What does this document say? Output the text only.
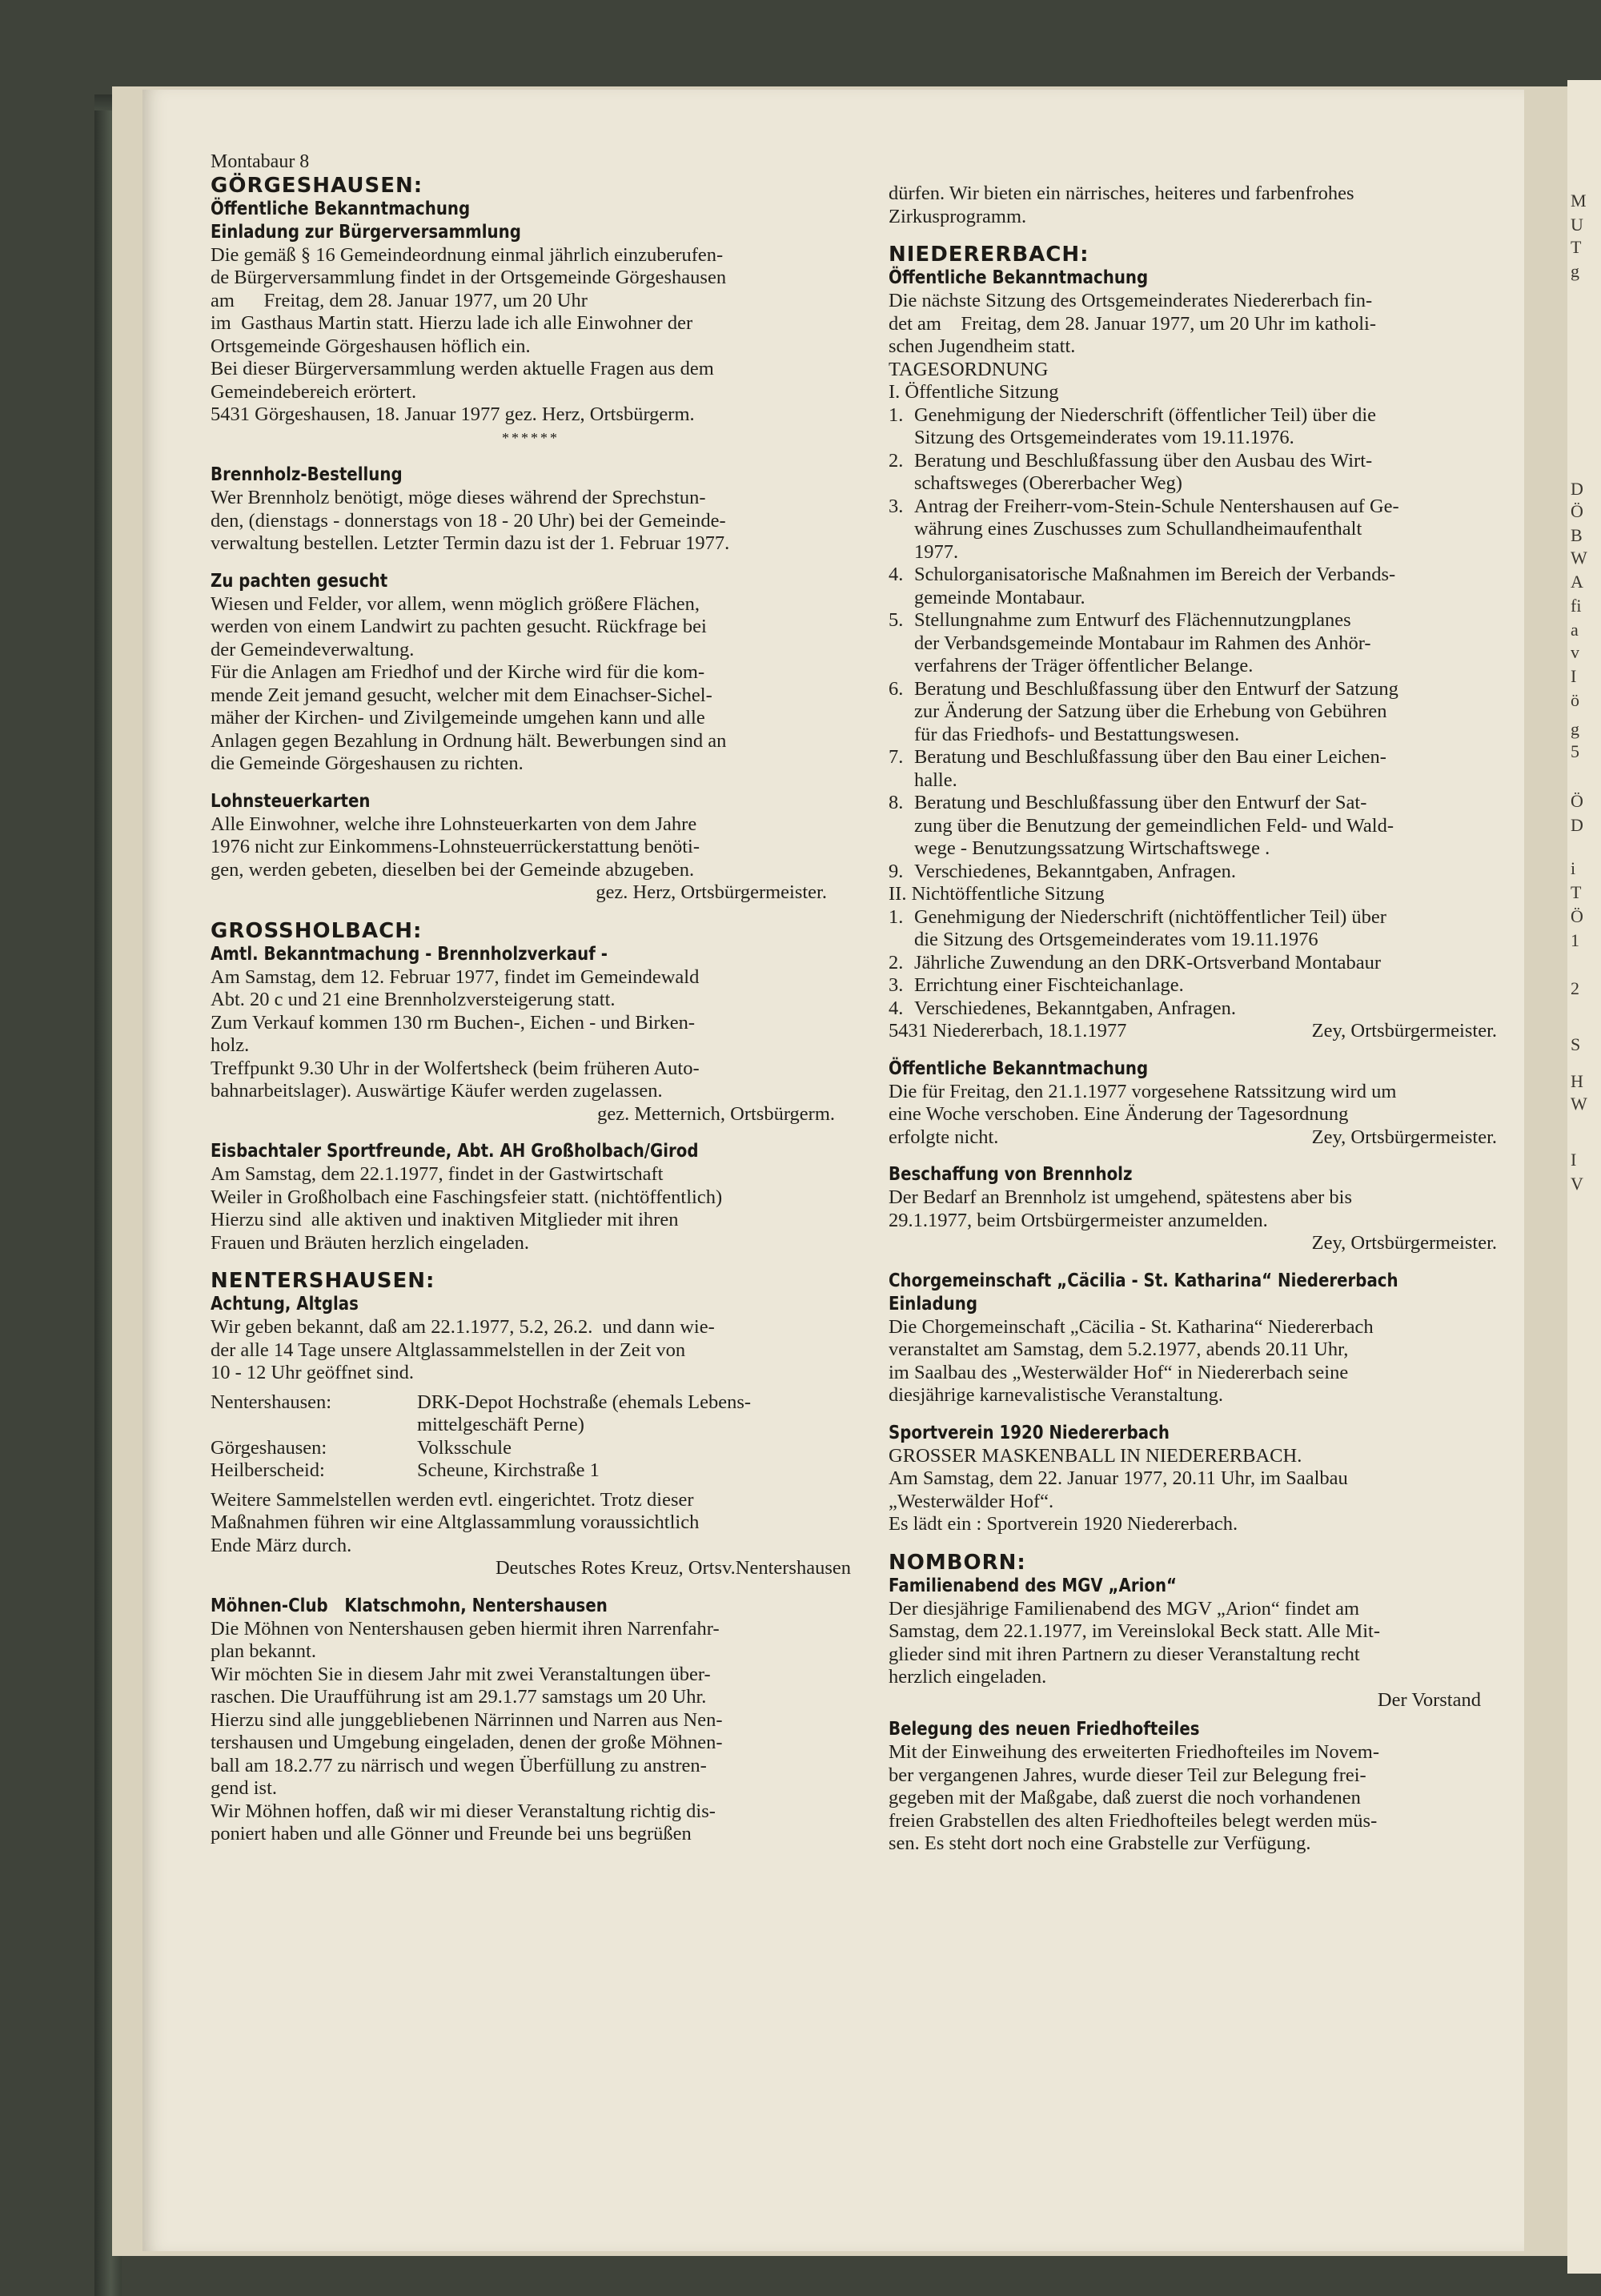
M
U
T
g
D
Ö
B
W
A
fi
a
v
I
ö
g
5
Ö
D
i
T
Ö
1
2
S
H
W
I
V
Montabaur 8
GÖRGESHAUSEN:
Öffentliche Bekanntmachung
Einladung zur Bürgerversammlung
Die gemäß § 16 Gemeindeordnung einmal jährlich einzuberufen-
de Bürgerversammlung findet in der Ortsgemeinde Görgeshausen
am      Freitag, dem 28. Januar 1977, um 20 Uhr
im  Gasthaus Martin statt. Hierzu lade ich alle Einwohner der
Ortsgemeinde Görgeshausen höflich ein.
Bei dieser Bürgerversammlung werden aktuelle Fragen aus dem
Gemeindebereich erörtert.
5431 Görgeshausen, 18. Januar 1977 gez. Herz, Ortsbürgerm.
******
Brennholz-Bestellung
Wer Brennholz benötigt, möge dieses während der Sprechstun-
den, (dienstags - donnerstags von 18 - 20 Uhr) bei der Gemeinde-
verwaltung bestellen. Letzter Termin dazu ist der 1. Februar 1977.
Zu pachten gesucht
Wiesen und Felder, vor allem, wenn möglich größere Flächen,
werden von einem Landwirt zu pachten gesucht. Rückfrage bei
der Gemeindeverwaltung.
Für die Anlagen am Friedhof und der Kirche wird für die kom-
mende Zeit jemand gesucht, welcher mit dem Einachser-Sichel-
mäher der Kirchen- und Zivilgemeinde umgehen kann und alle
Anlagen gegen Bezahlung in Ordnung hält. Bewerbungen sind an
die Gemeinde Görgeshausen zu richten.
Lohnsteuerkarten
Alle Einwohner, welche ihre Lohnsteuerkarten von dem Jahre
1976 nicht zur Einkommens-Lohnsteuerrückerstattung benöti-
gen, werden gebeten, dieselben bei der Gemeinde abzugeben.
gez. Herz, Ortsbürgermeister.
GROSSHOLBACH:
Amtl. Bekanntmachung - Brennholzverkauf -
Am Samstag, dem 12. Februar 1977, findet im Gemeindewald
Abt. 20 c und 21 eine Brennholzversteigerung statt.
Zum Verkauf kommen 130 rm Buchen-, Eichen - und Birken-
holz.
Treffpunkt 9.30 Uhr in der Wolfertsheck (beim früheren Auto-
bahnarbeitslager). Auswärtige Käufer werden zugelassen.
gez. Metternich, Ortsbürgerm.
Eisbachtaler Sportfreunde, Abt. AH Großholbach/Girod
Am Samstag, dem 22.1.1977, findet in der Gastwirtschaft
Weiler in Großholbach eine Faschingsfeier statt. (nichtöffentlich)
Hierzu sind  alle aktiven und inaktiven Mitglieder mit ihren
Frauen und Bräuten herzlich eingeladen.
NENTERSHAUSEN:
Achtung, Altglas
Wir geben bekannt, daß am 22.1.1977, 5.2, 26.2.  und dann wie-
der alle 14 Tage unsere Altglassammelstellen in der Zeit von
10 - 12 Uhr geöffnet sind.
Nentershausen:	DRK-Depot Hochstraße (ehemals Lebens-
mittelgeschäft Perne)
Görgeshausen:	Volksschule
Heilberscheid:	Scheune, Kirchstraße 1
Weitere Sammelstellen werden evtl. eingerichtet. Trotz dieser
Maßnahmen führen wir eine Altglassammlung voraussichtlich
Ende März durch.
Deutsches Rotes Kreuz, Ortsv.Nentershausen
Möhnen-Club   Klatschmohn, Nentershausen
Die Möhnen von Nentershausen geben hiermit ihren Narrenfahr-
plan bekannt.
Wir möchten Sie in diesem Jahr mit zwei Veranstaltungen über-
raschen. Die Uraufführung ist am 29.1.77 samstags um 20 Uhr.
Hierzu sind alle junggebliebenen Närrinnen und Narren aus Nen-
tershausen und Umgebung eingeladen, denen der große Möhnen-
ball am 18.2.77 zu närrisch und wegen Überfüllung zu anstren-
gend ist.
Wir Möhnen hoffen, daß wir mi dieser Veranstaltung richtig dis-
poniert haben und alle Gönner und Freunde bei uns begrüßen
dürfen. Wir bieten ein närrisches, heiteres und farbenfrohes
Zirkusprogramm.
NIEDERERBACH:
Öffentliche Bekanntmachung
Die nächste Sitzung des Ortsgemeinderates Niedererbach fin-
det am    Freitag, dem 28. Januar 1977, um 20 Uhr im katholi-
schen Jugendheim statt.
TAGESORDNUNG
I. Öffentliche Sitzung
1. Genehmigung der Niederschrift (öffentlicher Teil) über die
Sitzung des Ortsgemeinderates vom 19.11.1976.
2. Beratung und Beschlußfassung über den Ausbau des Wirt-
schaftsweges (Obererbacher Weg)
3. Antrag der Freiherr-vom-Stein-Schule Nentershausen auf Ge-
währung eines Zuschusses zum Schullandheimaufenthalt
1977.
4. Schulorganisatorische Maßnahmen im Bereich der Verbands-
gemeinde Montabaur.
5. Stellungnahme zum Entwurf des Flächennutzungplanes
der Verbandsgemeinde Montabaur im Rahmen des Anhör-
verfahrens der Träger öffentlicher Belange.
6. Beratung und Beschlußfassung über den Entwurf der Satzung
zur Änderung der Satzung über die Erhebung von Gebühren
für das Friedhofs- und Bestattungswesen.
7. Beratung und Beschlußfassung über den Bau einer Leichen-
halle.
8. Beratung und Beschlußfassung über den Entwurf der Sat-
zung über die Benutzung der gemeindlichen Feld- und Wald-
wege - Benutzungssatzung Wirtschaftswege .
9. Verschiedenes, Bekanntgaben, Anfragen.
II. Nichtöffentliche Sitzung
1. Genehmigung der Niederschrift (nichtöffentlicher Teil) über
die Sitzung des Ortsgemeinderates vom 19.11.1976
2. Jährliche Zuwendung an den DRK-Ortsverband Montabaur
3. Errichtung einer Fischteichanlage.
4. Verschiedenes, Bekanntgaben, Anfragen.
5431 Niedererbach, 18.1.1977	Zey, Ortsbürgermeister.
Öffentliche Bekanntmachung
Die für Freitag, den 21.1.1977 vorgesehene Ratssitzung wird um
eine Woche verschoben. Eine Änderung der Tagesordnung
erfolgte nicht.	Zey, Ortsbürgermeister.
Beschaffung von Brennholz
Der Bedarf an Brennholz ist umgehend, spätestens aber bis
29.1.1977, beim Ortsbürgermeister anzumelden.
Zey, Ortsbürgermeister.
Chorgemeinschaft „Cäcilia - St. Katharina“ Niedererbach
Einladung
Die Chorgemeinschaft „Cäcilia - St. Katharina“ Niedererbach
veranstaltet am Samstag, dem 5.2.1977, abends 20.11 Uhr,
im Saalbau des „Westerwälder Hof“ in Niedererbach seine
diesjährige karnevalistische Veranstaltung.
Sportverein 1920 Niedererbach
GROSSER MASKENBALL IN NIEDERERBACH.
Am Samstag, dem 22. Januar 1977, 20.11 Uhr, im Saalbau
„Westerwälder Hof“.
Es lädt ein : Sportverein 1920 Niedererbach.
NOMBORN:
Familienabend des MGV „Arion“
Der diesjährige Familienabend des MGV „Arion“ findet am
Samstag, dem 22.1.1977, im Vereinslokal Beck statt. Alle Mit-
glieder sind mit ihren Partnern zu dieser Veranstaltung recht
herzlich eingeladen.
Der Vorstand
Belegung des neuen Friedhofteiles
Mit der Einweihung des erweiterten Friedhofteiles im Novem-
ber vergangenen Jahres, wurde dieser Teil zur Belegung frei-
gegeben mit der Maßgabe, daß zuerst die noch vorhandenen
freien Grabstellen des alten Friedhofteiles belegt werden müs-
sen. Es steht dort noch eine Grabstelle zur Verfügung.
